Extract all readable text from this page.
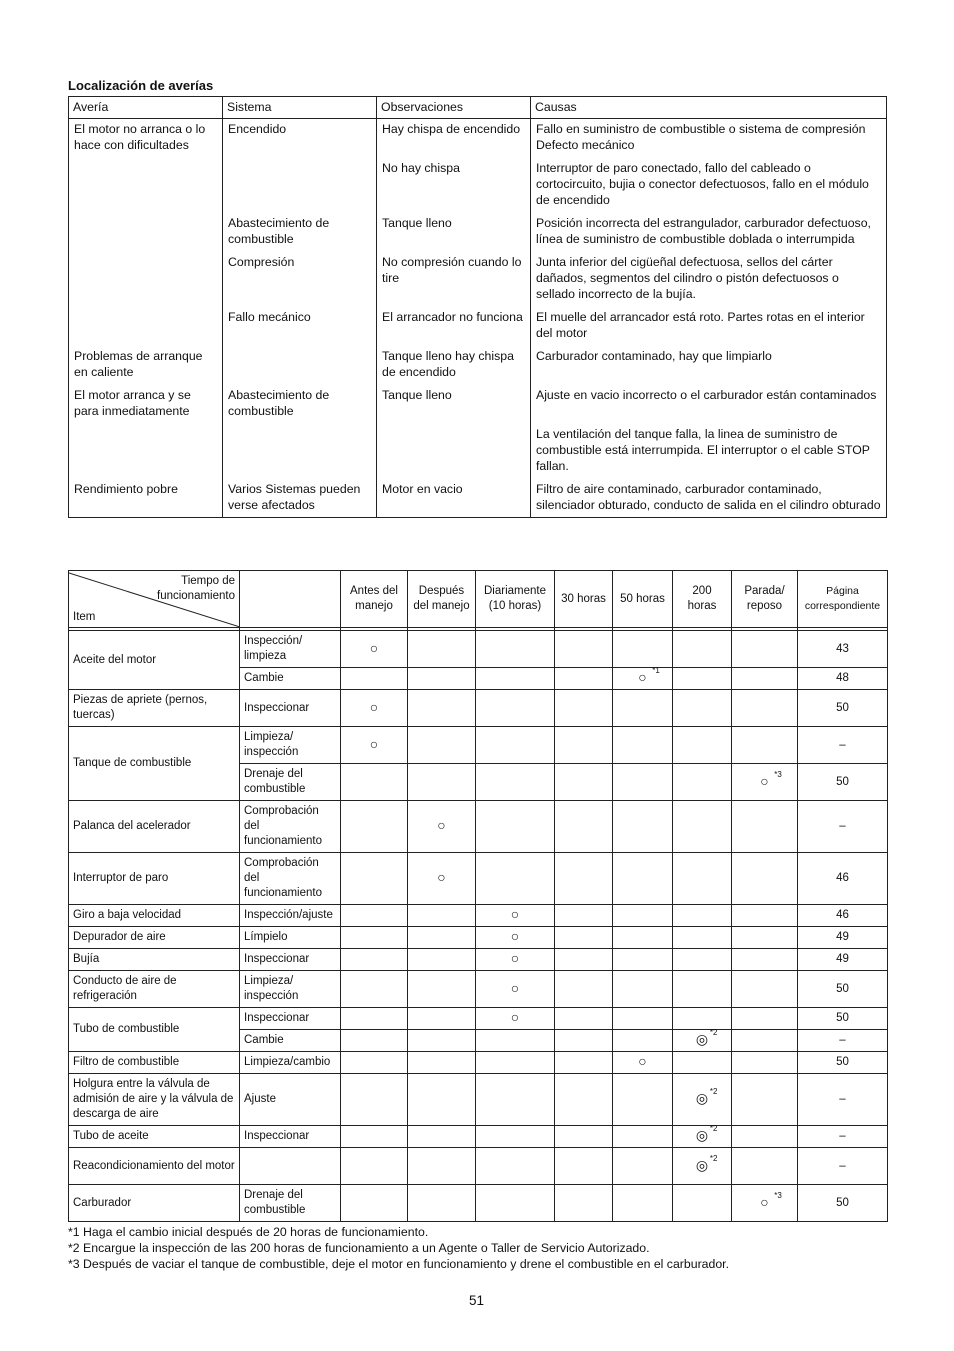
Localización de averías
Avería	Sistema	Observaciones	Causas
El motor no arranca o lo hace con dificultades	Encendido	Hay chispa de encendido	Fallo en suministro de combustible o sistema de compresión Defecto mecánico
		No hay chispa	Interruptor de paro conectado, fallo del cableado o cortocircuito, bujia o conector defectuosos, fallo en el módulo de encendido
	Abastecimiento de combustible	Tanque lleno	Posición incorrecta del estrangulador, carburador defectuoso, línea de suministro de combustible doblada o interrumpida
	Compresión	No compresión cuando lo tire	Junta inferior del cigüeñal defectuosa, sellos del cárter dañados, segmentos del cilindro o pistón defectuosos o sellado incorrecto de la bujía.
	Fallo mecánico	El arrancador no funciona	El muelle del arrancador está roto. Partes rotas en el interior del motor
Problemas de arranque en caliente		Tanque lleno hay chispa de encendido	Carburador contaminado, hay que limpiarlo
El motor arranca y se para inmediatamente	Abastecimiento de combustible	Tanque lleno	Ajuste en vacio incorrecto o el carburador están contaminados
			La ventilación del tanque falla, la linea de suministro de combustible está interrumpida. El interruptor o el cable STOP fallan.
Rendimiento pobre	Varios Sistemas pueden verse afectados	Motor en vacio	Filtro de aire contaminado, carburador contaminado, silenciador obturado, conducto de salida en el cilindro obturado
Tiempo de funcionamiento
Item		Antes del manejo	Después del manejo	Diariamente (10 horas)	30 horas	50 horas	200 horas	Parada/ reposo	Página correspondiente

Aceite del motor	Inspección/ limpieza	○							43
	Cambie					○ *1			48
Piezas de apriete (pernos, tuercas)	Inspeccionar	○							50
Tanque de combustible	Limpieza/ inspección	○							–
	Drenaje del combustible							○ *3	50
Palanca del acelerador	Comprobación del funcionamiento		○						–
Interruptor de paro	Comprobación del funcionamiento		○						46
Giro a baja velocidad	Inspección/ajuste			○					46
Depurador de aire	Límpielo			○					49
Bujía	Inspeccionar			○					49
Conducto de aire de refrigeración	Limpieza/ inspección			○					50
Tubo de combustible	Inspeccionar			○					50
	Cambie						◎ *2		–
Filtro de combustible	Limpieza/cambio					○			50
Holgura entre la válvula de admisión de aire y la válvula de descarga de aire	Ajuste						◎ *2		–
Tubo de aceite	Inspeccionar						◎ *2		–
Reacondicionamiento del motor							◎ *2		–
Carburador	Drenaje del combustible							○ *3	50
*1 Haga el cambio inicial después de 20 horas de funcionamiento.
*2 Encargue la inspección de las 200 horas de funcionamiento a un Agente o Taller de Servicio Autorizado.
*3 Después de vaciar el tanque de combustible, deje el motor en funcionamiento y drene el combustible en el carburador.
51
